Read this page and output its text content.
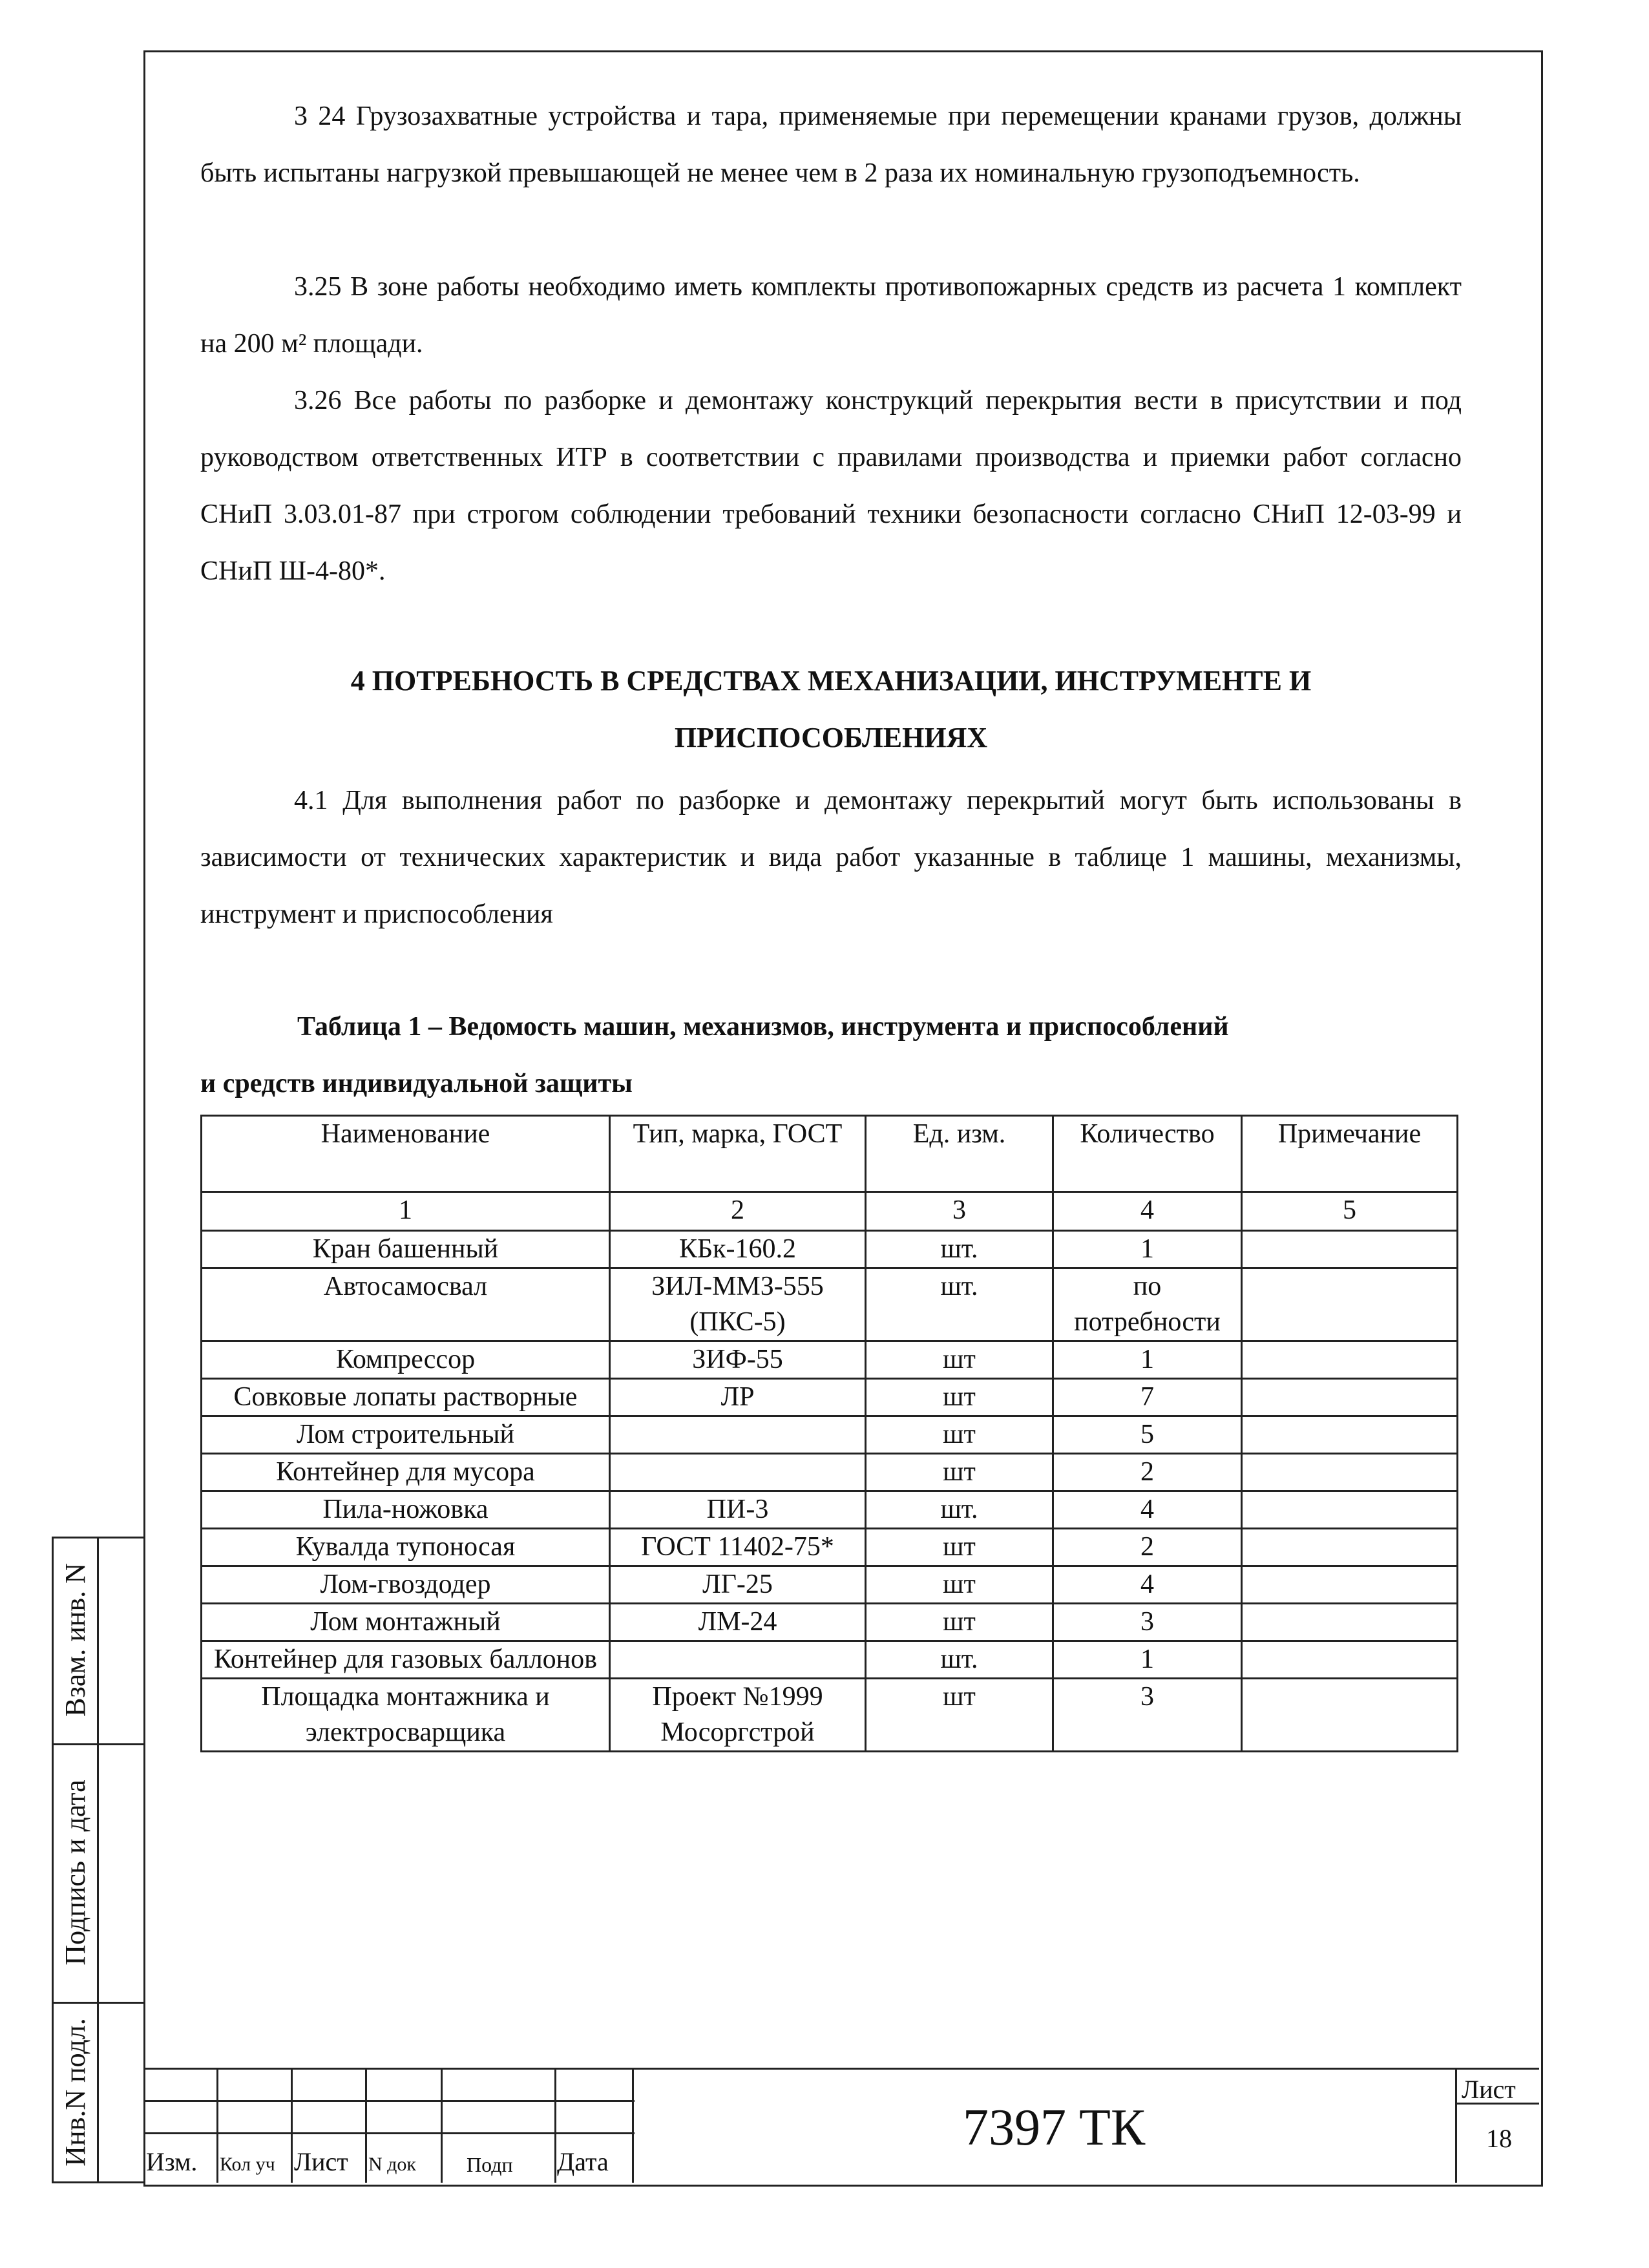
3 24 Грузозахватные устройства и тара, применяемые при перемещении кранами грузов, должны быть испытаны нагрузкой превышающей не менее чем в 2 раза их номинальную грузоподъемность.

3.25 В зоне работы необходимо иметь комплекты противопожарных средств из расчета 1 комплект на 200 м² площади.

3.26 Все работы по разборке и демонтажу конструкций перекрытия вести в присутствии и под руководством ответственных ИТР в соответствии с правилами производства и приемки работ согласно СНиП 3.03.01-87 при строгом соблюдении требований техники безопасности согласно СНиП 12-03-99 и СНиП Ш-4-80*.

4 ПОТРЕБНОСТЬ В СРЕДСТВАХ МЕХАНИЗАЦИИ, ИНСТРУМЕНТЕ И
ПРИСПОСОБЛЕНИЯХ

4.1 Для выполнения работ по разборке и демонтажу перекрытий могут быть использованы в зависимости от технических характеристик и вида работ указанные в таблице 1 машины, механизмы, инструмент и приспособления

Таблица 1 – Ведомость машин, механизмов, инструмента и приспособлений
и средств индивидуальной защиты
Наименование	Тип, марка, ГОСТ	Ед. изм.	Количество	Примечание
1	2	3	4	5
Кран башенный	КБк-160.2	шт.	1	
Автосамосвал	ЗИЛ-ММЗ-555 (ПКС-5)	шт.	по потребности	
Компрессор	ЗИФ-55	шт	1	
Совковые лопаты растворные	ЛР	шт	7	
Лом строительный		шт	5	
Контейнер для мусора		шт	2	
Пила-ножовка	ПИ-3	шт.	4	
Кувалда тупоносая	ГОСТ 11402-75*	шт	2	
Лом-гвоздодер	ЛГ-25	шт	4	
Лом монтажный	ЛМ-24	шт	3	
Контейнер для газовых баллонов		шт.	1	
Площадка монтажника и электросварщика	Проект №1999 Мосоргстрой	шт	3	
Взам. инв. N
Подпись и дата
Инв.N подл. Изм. Кол уч Лист N док Подп Дата
7397 ТК
Лист
18
